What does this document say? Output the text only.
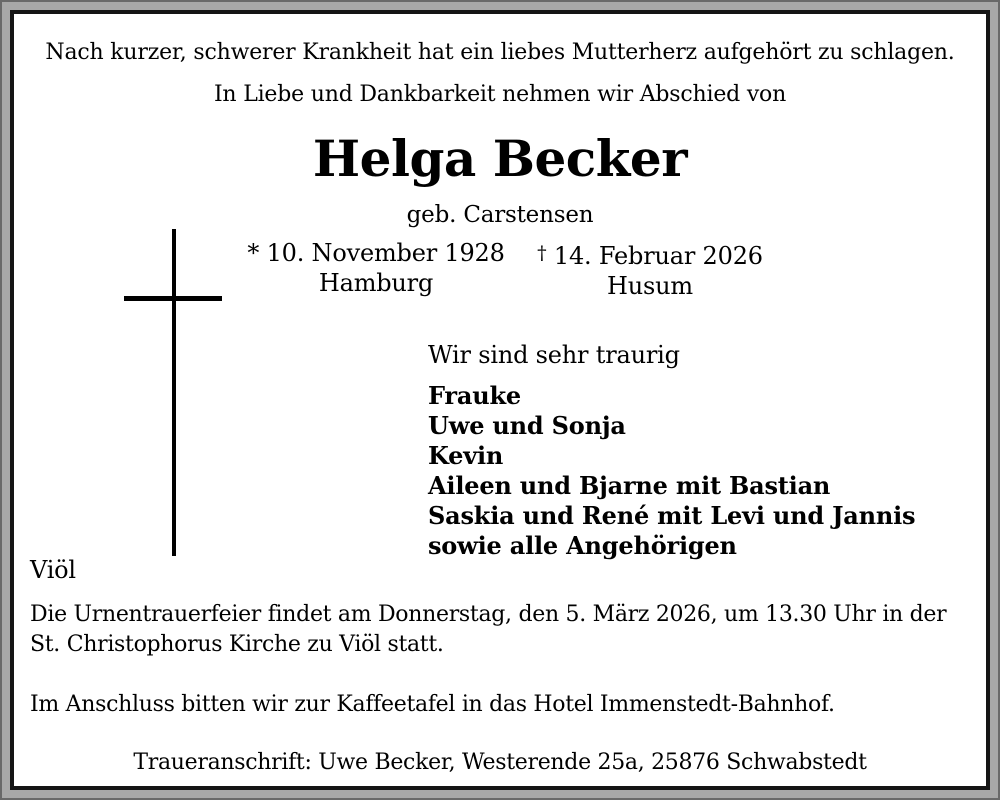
Nach kurzer, schwerer Krankheit hat ein liebes Mutterherz aufgehört zu schlagen.
In Liebe und Dankbarkeit nehmen wir Abschied von
Helga Becker
geb. Carstensen
* 10. November 1928
Hamburg
† 14. Februar 2026
Husum
Wir sind sehr traurig
Frauke
Uwe und Sonja
Kevin
Aileen und Bjarne mit Bastian
Saskia und René mit Levi und Jannis
sowie alle Angehörigen
Viöl
Die Urnentrauerfeier findet am Donnerstag, den 5. März 2026, um 13.30 Uhr in der
St. Christophorus Kirche zu Viöl statt.
Im Anschluss bitten wir zur Kaffeetafel in das Hotel Immenstedt-Bahnhof.
Traueranschrift: Uwe Becker, Westerende 25a, 25876 Schwabstedt
